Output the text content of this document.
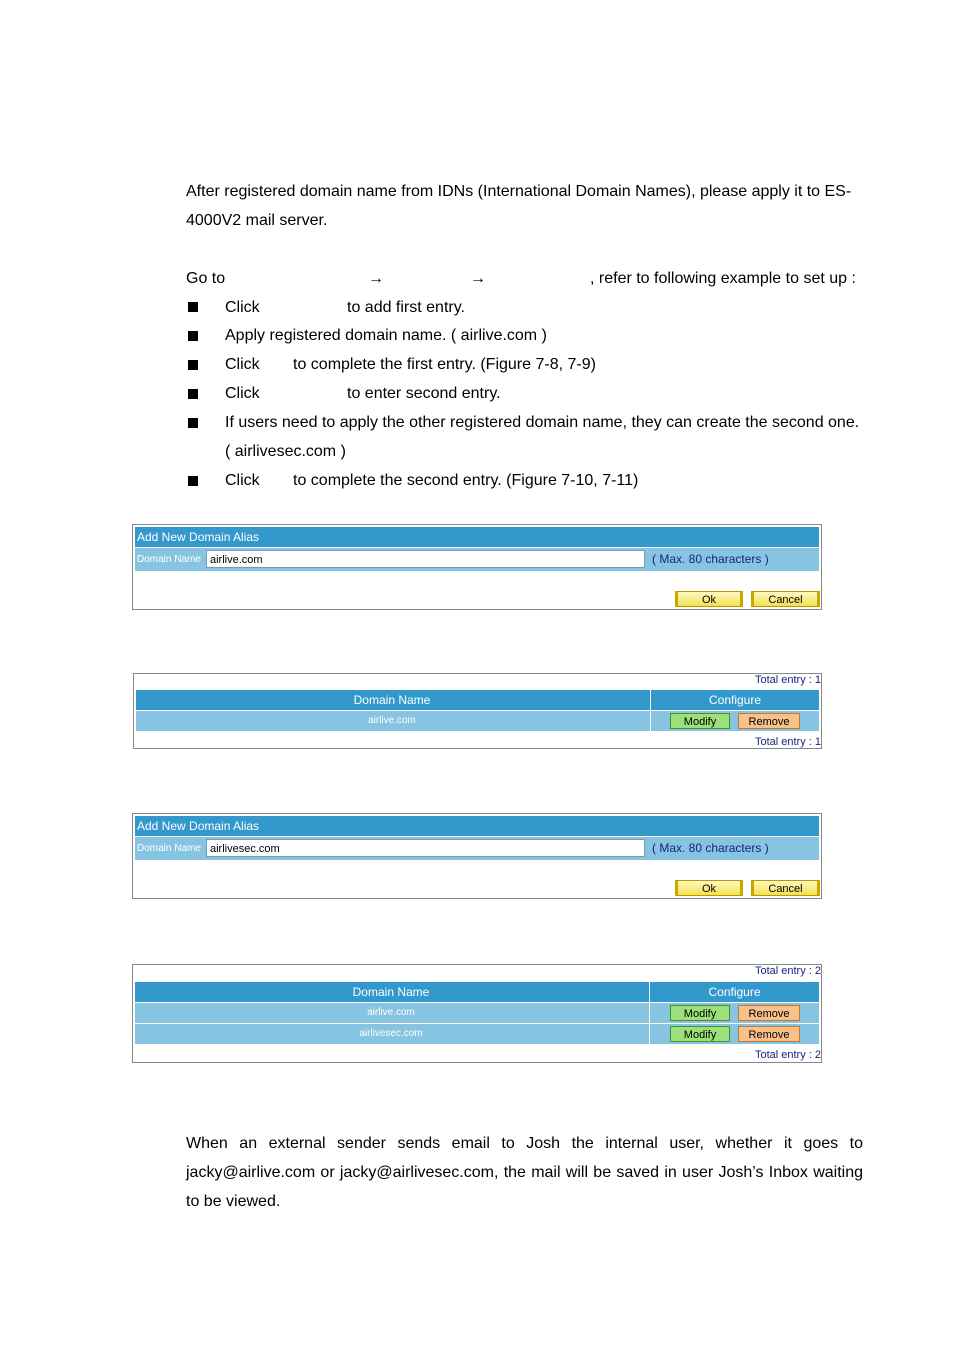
After registered domain name from IDNs (International Domain Names), please apply it to ES-4000V2 mail server.
Go to	→	→	, refer to following example to set up :
Click	to add first entry.
Apply registered domain name. ( airlive.com )
Click to complete the first entry. (Figure 7-8, 7-9)
Click	to enter second entry.
If users need to apply the other registered domain name, they can create the second one.
( airlivesec.com )
Click to complete the second entry. (Figure 7-10, 7-11)
Add New Domain Alias
Domain Name airlive.com	( Max. 80 characters )
Ok	Cancel
Total entry : 1
Domain Name	Configure
airlive.com	Modify	Remove
Total entry : 1
Add New Domain Alias
Domain Name airlivesec.com	( Max. 80 characters )
Ok	Cancel
Total entry : 2
Domain Name	Configure
airlive.com	Modify	Remove
airlivesec.com	Modify	Remove
Total entry : 2
When an external sender sends email to Josh the internal user, whether it goes to jacky@airlive.com or jacky@airlivesec.com, the mail will be saved in user Josh’s Inbox waiting to be viewed.
